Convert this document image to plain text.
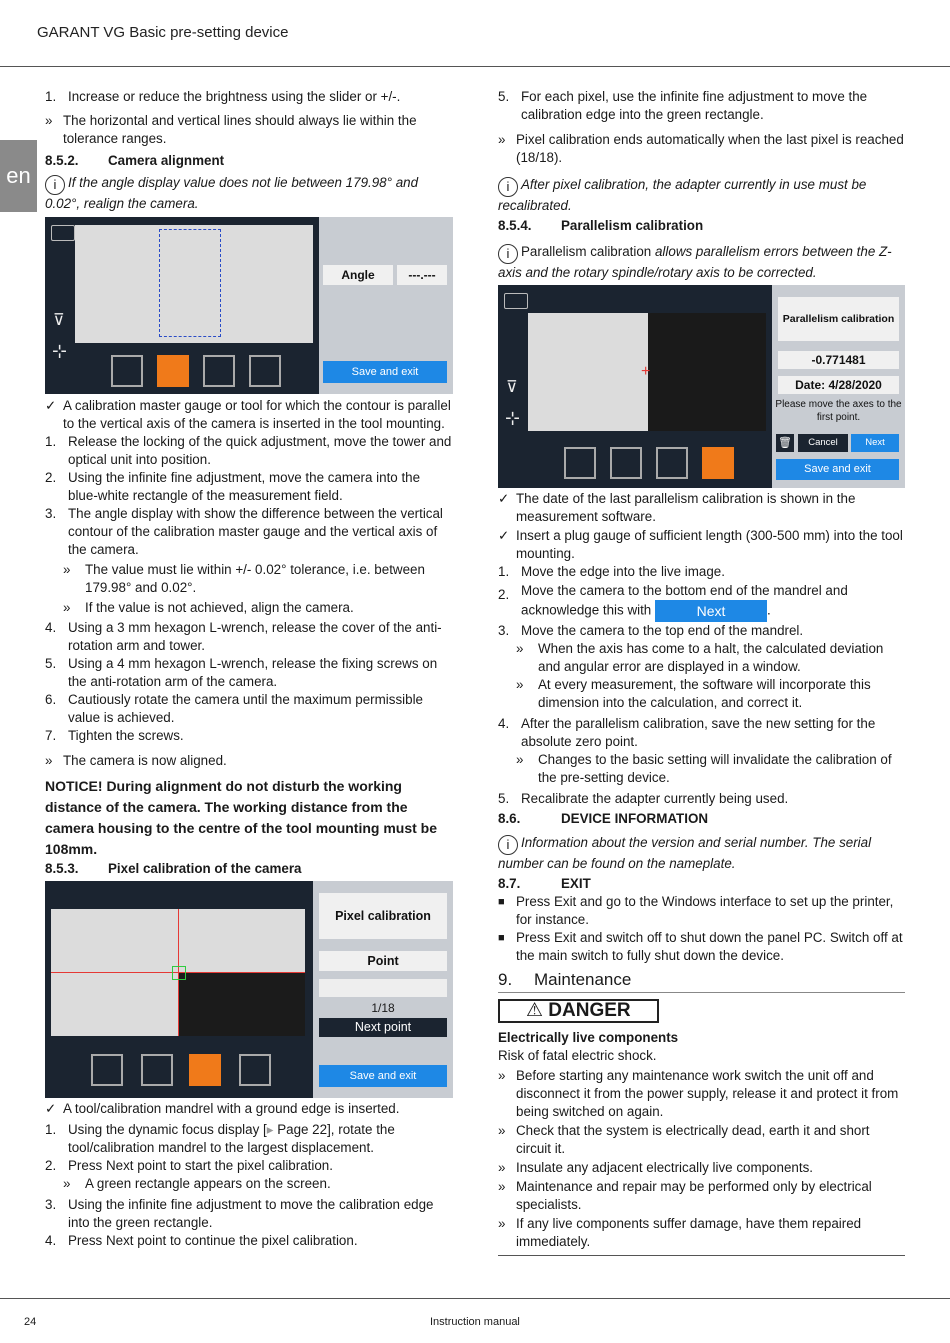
GARANT VG Basic pre-setting device
en
1. Increase or reduce the brightness using the slider or +/-.
» The horizontal and vertical lines should always lie within the tolerance ranges.
8.5.2.	Camera alignment
i If the angle display value does not lie between 179.98° and 0.02°, realign the camera.
⊽
⊹
Angle	---.---
Save and exit
✓ A calibration master gauge or tool for which the contour is parallel to the vertical axis of the camera is inserted in the tool mounting.
1. Release the locking of the quick adjustment, move the tower and optical unit into position.
2. Using the infinite fine adjustment, move the camera into the blue-white rectangle of the measurement field.
3. The angle display with show the difference between the vertical contour of the calibration master gauge and the vertical axis of the camera.
»	The value must lie within +/- 0.02° tolerance, i.e. between 179.98° and 0.02°.
»	If the value is not achieved, align the camera.
4. Using a 3 mm hexagon L-wrench, release the cover of the anti-rotation arm and tower.
5. Using a 4 mm hexagon L-wrench, release the fixing screws on the anti-rotation arm of the camera.
6. Cautiously rotate the camera until the maximum permissible value is achieved.
7. Tighten the screws.
» The camera is now aligned.
NOTICE! During alignment do not disturb the working distance of the camera. The working distance from the camera housing to the centre of the tool mounting must be 108mm.
8.5.3.	Pixel calibration of the camera
Pixel calibration
Point
1/18
Next point
Save and exit
✓ A tool/calibration mandrel with a ground edge is inserted.
1. Using the dynamic focus display [▸ Page 22], rotate the tool/calibration mandrel to the largest displacement.
2. Press Next point to start the pixel calibration.
»	A green rectangle appears on the screen.
3. Using the infinite fine adjustment to move the calibration edge into the green rectangle.
4. Press Next point to continue the pixel calibration.
5. For each pixel, use the infinite fine adjustment to move the calibration edge into the green rectangle.
» Pixel calibration ends automatically when the last pixel is reached (18/18).
i After pixel calibration, the adapter currently in use must be recalibrated.
8.5.4.	Parallelism calibration
i Parallelism calibration allows parallelism errors between the Z-axis and the rotary spindle/rotary axis to be corrected.
⊽
⊹
+
Parallelism calibration
-0.771481
Date: 4/28/2020
Please move the axes to the first point.
🗑	Cancel	Next
Save and exit
✓ The date of the last parallelism calibration is shown in the measurement software.
✓ Insert a plug gauge of sufficient length (300-500 mm) into the tool mounting.
1. Move the edge into the live image.
2. Move the camera to the bottom end of the mandrel and acknowledge this with	Next	.
3. Move the camera to the top end of the mandrel.
»	When the axis has come to a halt, the calculated deviation and angular error are displayed in a window.
»	At every measurement, the software will incorporate this dimension into the calculation, and correct it.
4. After the parallelism calibration, save the new setting for the absolute zero point.
»	Changes to the basic setting will invalidate the calibration of the pre-setting device.
5. Recalibrate the adapter currently being used.
8.6.	DEVICE INFORMATION
i Information about the version and serial number. The serial number can be found on the nameplate.
8.7.	EXIT
■ Press Exit and go to the Windows interface to set up the printer, for instance.
■ Press Exit and switch off to shut down the panel PC. Switch off at the main switch to fully shut down the device.
9.	Maintenance
⚠ DANGER
Electrically live components
Risk of fatal electric shock.
» Before starting any maintenance work switch the unit off and disconnect it from the power supply, release it and protect it from being switched on again.
» Check that the system is electrically dead, earth it and short circuit it.
» Insulate any adjacent electrically live components.
» Maintenance and repair may be performed only by electrical specialists.
» If any live components suffer damage, have them repaired immediately.
24	Instruction manual
